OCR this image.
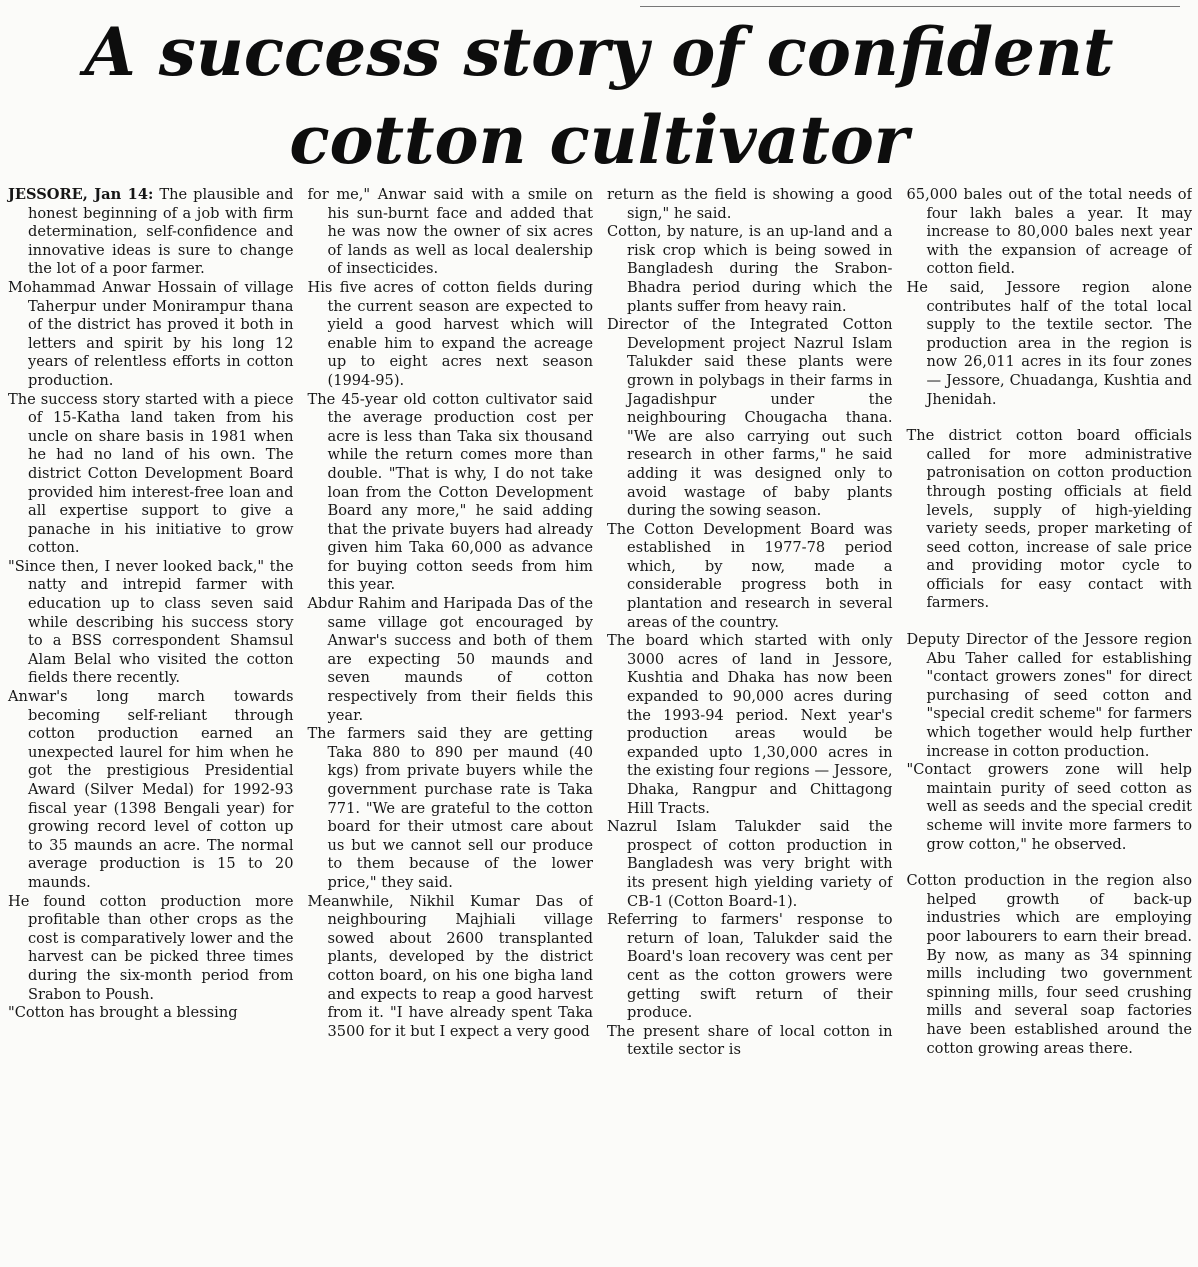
A success story of confident cotton cultivator

JESSORE, Jan 14: The plausible and honest beginning of a job with firm determination, self-confidence and innovative ideas is sure to change the lot of a poor farmer.

Mohammad Anwar Hossain of village Taherpur under Monirampur thana of the district has proved it both in letters and spirit by his long 12 years of relentless efforts in cotton production.

The success story started with a piece of 15-Katha land taken from his uncle on share basis in 1981 when he had no land of his own. The district Cotton Development Board provided him interest-free loan and all expertise support to give a panache in his initiative to grow cotton.

"Since then, I never looked back," the natty and intrepid farmer with education up to class seven said while describing his success story to a BSS correspondent Shamsul Alam Belal who visited the cotton fields there recently.

Anwar's long march towards becoming self-reliant through cotton production earned an unexpected laurel for him when he got the prestigious Presidential Award (Silver Medal) for 1992-93 fiscal year (1398 Bengali year) for growing record level of cotton up to 35 maunds an acre. The normal average production is 15 to 20 maunds.

He found cotton production more profitable than other crops as the cost is comparatively lower and the harvest can be picked three times during the six-month period from Srabon to Poush.

"Cotton has brought a blessing

for me," Anwar said with a smile on his sun-burnt face and added that he was now the owner of six acres of lands as well as local dealership of insecticides.

His five acres of cotton fields during the current season are expected to yield a good harvest which will enable him to expand the acreage up to eight acres next season (1994-95).

The 45-year old cotton cultivator said the average production cost per acre is less than Taka six thousand while the return comes more than double. "That is why, I do not take loan from the Cotton Development Board any more," he said adding that the private buyers had already given him Taka 60,000 as advance for buying cotton seeds from him this year.

Abdur Rahim and Haripada Das of the same village got encouraged by Anwar's success and both of them are expecting 50 maunds and seven maunds of cotton respectively from their fields this year.

The farmers said they are getting Taka 880 to 890 per maund (40 kgs) from private buyers while the government purchase rate is Taka 771. "We are grateful to the cotton board for their utmost care about us but we cannot sell our produce to them because of the lower price," they said.

Meanwhile, Nikhil Kumar Das of neighbouring Majhiali village sowed about 2600 transplanted plants, developed by the district cotton board, on his one bigha land and expects to reap a good harvest from it. "I have already spent Taka 3500 for it but I expect a very good

return as the field is showing a good sign," he said.

Cotton, by nature, is an up-land and a risk crop which is being sowed in Bangladesh during the Srabon-Bhadra period during which the plants suffer from heavy rain.

Director of the Integrated Cotton Development project Nazrul Islam Talukder said these plants were grown in polybags in their farms in Jagadishpur under the neighbouring Chougacha thana. "We are also carrying out such research in other farms," he said adding it was designed only to avoid wastage of baby plants during the sowing season.

The Cotton Development Board was established in 1977-78 period which, by now, made a considerable progress both in plantation and research in several areas of the country.

The board which started with only 3000 acres of land in Jessore, Kushtia and Dhaka has now been expanded to 90,000 acres during the 1993-94 period. Next year's production areas would be expanded upto 1,30,000 acres in the existing four regions — Jessore, Dhaka, Rangpur and Chittagong Hill Tracts.

Nazrul Islam Talukder said the prospect of cotton production in Bangladesh was very bright with its present high yielding variety of CB-1 (Cotton Board-1).

Referring to farmers' response to return of loan, Talukder said the Board's loan recovery was cent per cent as the cotton growers were getting swift return of their produce.

The present share of local cotton in textile sector is

65,000 bales out of the total needs of four lakh bales a year. It may increase to 80,000 bales next year with the expansion of acreage of cotton field.

He said, Jessore region alone contributes half of the total local supply to the textile sector. The production area in the region is now 26,011 acres in its four zones — Jessore, Chuadanga, Kushtia and Jhenidah.

The district cotton board officials called for more administrative patronisation on cotton production through posting officials at field levels, supply of high-yielding variety seeds, proper marketing of seed cotton, increase of sale price and providing motor cycle to officials for easy contact with farmers.

Deputy Director of the Jessore region Abu Taher called for establishing "contact growers zones" for direct purchasing of seed cotton and "special credit scheme" for farmers which together would help further increase in cotton production.

"Contact growers zone will help maintain purity of seed cotton as well as seeds and the special credit scheme will invite more farmers to grow cotton," he observed.

Cotton production in the region also helped growth of back-up industries which are employing poor labourers to earn their bread. By now, as many as 34 spinning mills including two government spinning mills, four seed crushing mills and several soap factories have been established around the cotton growing areas there.
